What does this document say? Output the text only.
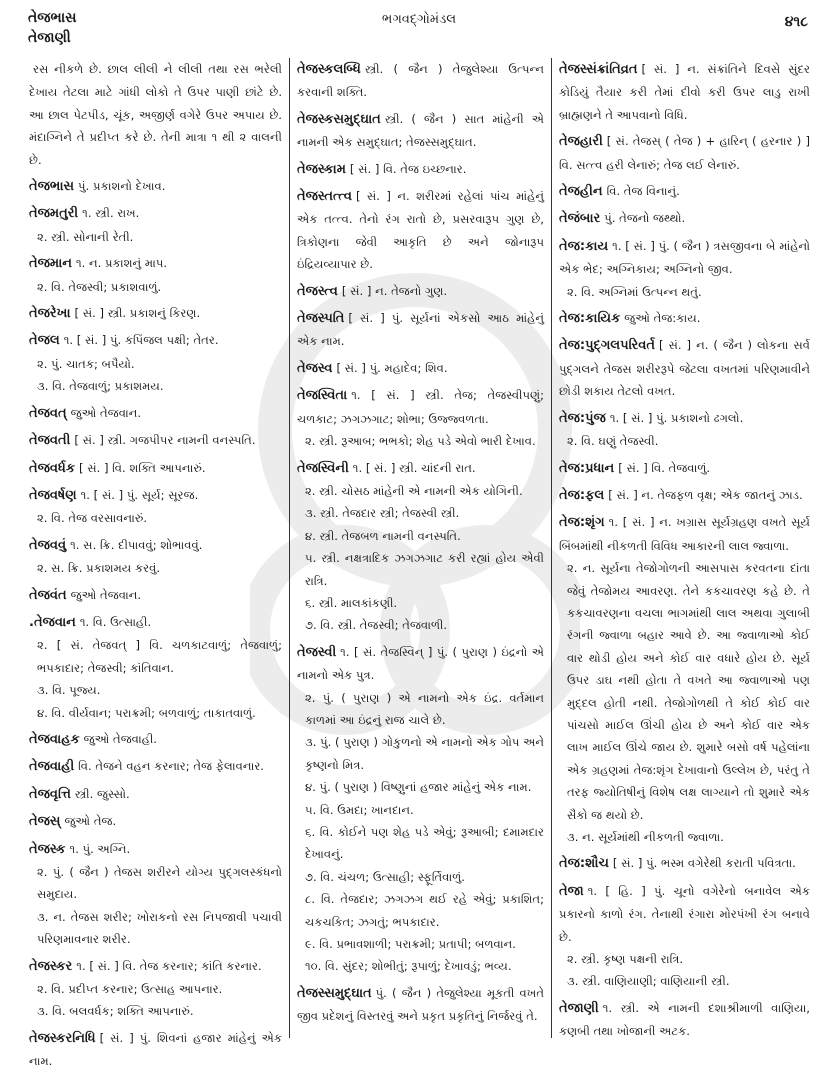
તેજભાસ
તેજાણી
ભગવદ્ગોમંડલ	૪૧૮
રસ નીકળે છે. છાલ લીલી ને લીલી તથા રસ ભરેલી દેખાય તેટલા માટે ગાંધી લોકો તે ઉપર પાણી છાંટે છે. આ છાલ પેટપીડ, ચૂંક, અજીર્ણ વગેરે ઉપર અપાય છે. મંદાગ્નિને તે પ્રદીપ્ત કરે છે. તેની માત્રા ૧ થી ૨ વાલની છે.
તેજભાસ પું. પ્રકાશનો દેખાવ.
તેજમતુરી ૧. સ્ત્રી. રાખ.
૨. સ્ત્રી. સોનાની રેતી.
તેજમાન ૧. ન. પ્રકાશનું માપ.
૨. વિ. તેજસ્વી; પ્રકાશવાળું.
તેજરેખા [ સં. ] સ્ત્રી. પ્રકાશનું કિરણ.
તેજલ ૧. [ સં. ] પું. કપિંજલ પક્ષી; તેતર.
૨. પું. ચાતક; બપૈયો.
૩. વિ. તેજવાળું; પ્રકાશમય.
તેજવત્ જુઓ તેજવાન.
તેજવતી [ સં. ] સ્ત્રી. ગજપીપર નામની વનસ્પતિ.
તેજવર્ધક [ સં. ] વિ. શક્તિ આપનારું.
તેજવર્ષણ ૧. [ સં. ] પું. સૂર્ય; સૂરજ.
૨. વિ. તેજ વરસાવનારું.
તેજવવું ૧. સ. ક્રિ. દીપાવવું; શોભાવવું.
૨. સ. ક્રિ. પ્રકાશમય કરવું.
તેજવંત જુઓ તેજવાન.
.તેજવાન ૧. વિ. ઉત્સાહી.
૨. [ સં. તેજવત્ ] વિ. ચળકાટવાળું; તેજવાળું; ભપકાદાર; તેજસ્વી; કાંતિવાન.
૩. વિ. પૂજ્ય.
૪. વિ. વીર્યવાન; પરાક્રમી; બળવાળું; તાકાતવાળું.
તેજવાહક જુઓ તેજવાહી.
તેજવાહી વિ. તેજને વહન કરનાર; તેજ ફેલાવનાર.
તેજવૃત્તિ સ્ત્રી. જુસ્સો.
તેજસ્ જુઓ તેજ.
તેજસ્ક ૧. પું. અગ્નિ.
૨. પું. ( જૈન ) તેજસ શરીરને યોગ્ય પુદ્ગલસ્કંધનો સમુદાય.
૩. ન. તેજસ શરીર; ખોરાકનો રસ નિપજાવી પચાવી પરિણમાવનાર શરીર.
તેજસ્કર ૧. [ સં. ] વિ. તેજ કરનાર; કાંતિ કરનાર.
૨. વિ. પ્રદીપ્ત કરનાર; ઉત્સાહ આપનાર.
૩. વિ. બલવર્ધક; શક્તિ આપનારું.
તેજસ્કરનિધિ [ સં. ] પું. શિવનાં હજાર માંહેનું એક નામ.
તેજસ્કલબ્ધિ સ્ત્રી. ( જૈન ) તેજુલેશ્યા ઉત્પન્ન કરવાની શક્તિ.
તેજસ્કસમુદ્ઘાત સ્ત્રી. ( જૈન ) સાત માંહેની એ નામની એક સમુદ્ઘાત; તેજસ્સમુદ્ઘાત.
તેજસ્કામ [ સં. ] વિ. તેજ ઇચ્છનાર.
તેજસ્તત્ત્વ [ સં. ] ન. શરીરમાં રહેલાં પાંચ માંહેનું એક તત્ત્વ. તેનો રંગ રાતો છે, પ્રસરવારૂપ ગુણ છે, ત્રિકોણના જેવી આકૃતિ છે અને જોનારૂપ ઇંદ્રિયવ્યાપાર છે.
તેજસ્ત્વ [ સં. ] ન. તેજનો ગુણ.
તેજસ્પતિ [ સં. ] પું. સૂર્યનાં એકસો આઠ માંહેનું એક નામ.
તેજસ્વ [ સં. ] પું. મહાદેવ; શિવ.
તેજસ્વિતા ૧. [ સં. ] સ્ત્રી. તેજ; તેજસ્વીપણું; ચળકાટ; ઝગઝગાટ; શોભા; ઉજ્જ્વળતા.
૨. સ્ત્રી. રૂઆબ; ભભકો; શેહ પડે એવો ભારી દેખાવ.
તેજસ્વિની ૧. [ સં. ] સ્ત્રી. ચાંદની રાત.
૨. સ્ત્રી. ચોસઠ માંહેની એ નામની એક યોગિની.
૩. સ્ત્રી. તેજદાર સ્ત્રી; તેજસ્વી સ્ત્રી.
૪. સ્ત્રી. તેજબળ નામની વનસ્પતિ.
૫. સ્ત્રી. નક્ષત્રાદિક ઝગઝગાટ કરી રહ્યાં હોય એવી રાત્રિ.
૬. સ્ત્રી. માલકાંકણી.
૭. વિ. સ્ત્રી. તેજસ્વી; તેજવાળી.
તેજસ્વી ૧. [ સં. તેજસ્વિન્ ] પું. ( પુરાણ ) ઇંદ્રનો એ નામનો એક પુત્ર.
૨. પું. ( પુરાણ ) એ નામનો એક ઇંદ્ર. વર્તમાન કાળમાં આ ઇંદ્રનું રાજ ચાલે છે.
૩. પું. ( પુરાણ ) ગોકુળનો એ નામનો એક ગોપ અને કૃષ્ણનો મિત્ર.
૪. પું. ( પુરાણ ) વિષ્ણુનાં હજાર માંહેનું એક નામ.
૫. વિ. ઉમદા; ખાનદાન.
૬. વિ. કોઈને પણ શેહ પડે એવું; રૂઆબી; દમામદાર દેખાવનું.
૭. વિ. ચંચળ; ઉત્સાહી; સ્ફૂર્તિવાળું.
૮. વિ. તેજદાર; ઝગઝગ થઈ રહે એવું; પ્રકાશિત; ચકચકિત; ઝગતું; ભપકાદાર.
૯. વિ. પ્રભાવશાળી; પરાક્રમી; પ્રતાપી; બળવાન.
૧૦. વિ. સુંદર; શોભીતું; રૂપાળું; દેખાવડું; ભવ્ય.
તેજસ્સમુદ્ઘાત પું. ( જૈન ) તેજુલેશ્યા મૂકતી વખતે જીવ પ્રદેશનું વિસ્તરવું અને પ્રકૃત પ્રકૃતિનું નિર્જરવું તે.
તેજસ્સંક્રાંતિવ્રત [ સં. ] ન. સંક્રાંતિને દિવસે સુંદર કોડિયું તૈયાર કરી તેમાં દીવો કરી ઉપર લાડુ રાખી બ્રાહ્મણને તે આપવાનો વિધિ.
તેજહારી [ સં. તેજસ્ ( તેજ ) + હારિન્ ( હરનાર ) ] વિ. સત્ત્વ હરી લેનારું; તેજ લઈ લેનારું.
તેજહીન વિ. તેજ વિનાનું.
તેજંબાર પું. તેજનો જથ્થો.
તેજ:કાય ૧. [ સં. ] પું. ( જૈન ) ત્રસજીવના બે માંહેનો એક ભેદ; અગ્નિકાય; અગ્નિનો જીવ.
૨. વિ. અગ્નિમાં ઉત્પન્ન થતું.
તેજ:કાયિક જુઓ તેજ:કાય.
તેજ:પુદ્ગલપરિવર્ત [ સં. ] ન. ( જૈન ) લોકના સર્વ પુદ્ગલને તેજસ શરીરરૂપે જેટલા વખતમાં પરિણમાવીને છોડી શકાય તેટલો વખત.
તેજ:પુંજ ૧. [ સં. ] પું. પ્રકાશનો ઢગલો.
૨. વિ. ઘણું તેજસ્વી.
તેજ:પ્રધાન [ સં. ] વિ. તેજવાળું.
તેજ:ફલ [ સં. ] ન. તેજફળ વૃક્ષ; એક જાતનું ઝાડ.
તેજ:શૃંગ ૧. [ સં. ] ન. ખગ્રાસ સૂર્યગ્રહણ વખતે સૂર્ય બિંબમાંથી નીકળતી વિવિધ આકારની લાલ જ્વાળા.
૨. ન. સૂર્યના તેજોગોળની આસપાસ કરવતના દાંતા જેવું તેજોમય આવરણ. તેને કકચાવરણ કહે છે. તે કકચાવરણના વચલા ભાગમાંથી લાલ અથવા ગુલાબી રંગની જ્વાળા બહાર આવે છે. આ જ્વાળાઓ કોઈ વાર થોડી હોય અને કોઈ વાર વધારે હોય છે. સૂર્ય ઉપર ડાઘ નથી હોતા તે વખતે આ જ્વાળાઓ પણ મુદ્દલ હોતી નથી. તેજોગોળથી તે કોઈ કોઈ વાર પાંચસો માઈલ ઊંચી હોય છે અને કોઈ વાર એક લાખ માઈલ ઊંચે જાય છે. શુમારે બસો વર્ષ પહેલાંના એક ગ્રહણમાં તેજ:શૃંગ દેખાવાનો ઉલ્લેખ છે, પરંતુ તે તરફ જ્યોતિષીનું વિશેષ લક્ષ લાગ્યાને તો શુમારે એક સૈકો જ થયો છે.
૩. ન. સૂર્યમાંથી નીકળતી જ્વાળા.
તેજ:શૌચ [ સં. ] પું. ભસ્મ વગેરેથી કરાતી પવિત્રતા.
તેજા ૧. [ હિ. ] પું. ચૂનો વગેરેનો બનાવેલ એક પ્રકારનો કાળો રંગ. તેનાથી રંગારા મોરપંખી રંગ બનાવે છે.
૨. સ્ત્રી. કૃષ્ણ પક્ષની રાત્રિ.
૩. સ્ત્રી. વાણિયાણી; વાણિયાની સ્ત્રી.
તેજાણી ૧. સ્ત્રી. એ નામની દશાશ્રીમાળી વાણિયા, કણબી તથા ખોજાની અટક.
